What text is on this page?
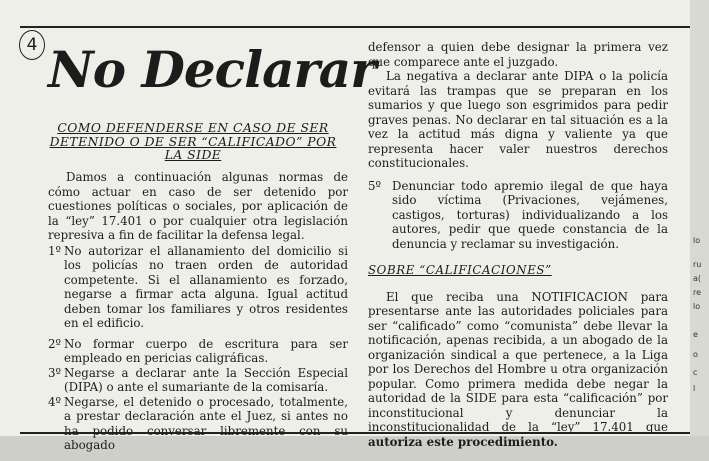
lo
ru
a(
re
lo
e
o
c
l
4 No Declarar
COMO DEFENDERSE EN CASO DE SER DETENIDO O DE SER “CALIFICADO” POR LA SIDE

Damos a continuación algunas normas de cómo actuar en caso de ser detenido por cuestiones políticas o sociales, por aplicación de la “ley” 17.401 o por cualquier otra legislación represiva a fin de facilitar la defensa legal.

1º No autorizar el allanamiento del domicilio si los policías no traen orden de autoridad competente. Si el allanamiento es forzado, negarse a firmar acta alguna. Igual actitud deben tomar los familiares y otros residentes en el edificio.
2º No formar cuerpo de escritura para ser empleado en pericias caligráficas.
3º Negarse a declarar ante la Sección Especial (DIPA) o ante el sumariante de la comisaría.
4º Negarse, el detenido o procesado, totalmente, a prestar declaración ante el Juez, si antes no ha podido conversar libremente con su abogado

defensor a quien debe designar la primera vez que comparece ante el juzgado.

La negativa a declarar ante DIPA o la policía evitará las trampas que se preparan en los sumarios y que luego son esgrimidos para pedir graves penas. No declarar en tal situación es a la vez la actitud más digna y valiente ya que representa hacer valer nuestros derechos constitucionales.

5º Denunciar todo apremio ilegal de que haya sido víctima (Privaciones, vejámenes, castigos, torturas) individualizando a los autores, pedir que quede constancia de la denuncia y reclamar su investigación.
SOBRE “CALIFICACIONES”

El que reciba una NOTIFICACION para presentarse ante las autoridades policiales para ser “calificado” como “comunista” debe llevar la notificación, apenas recibida, a un abogado de la organización sindical a que pertenece, a la Liga por los Derechos del Hombre u otra organización popular. Como primera medida debe negar la autoridad de la SIDE para esta “calificación” por inconstitucional y denunciar la inconstitucionalidad de la “ley” 17.401 que autoriza este procedimiento.
